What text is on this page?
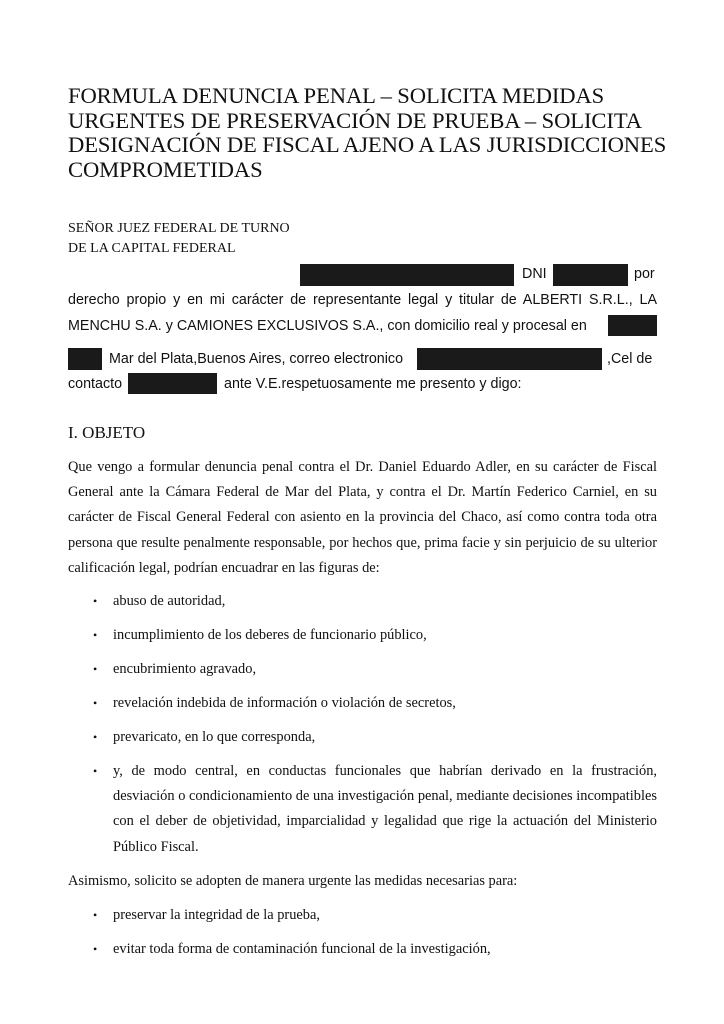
FORMULA DENUNCIA PENAL – SOLICITA MEDIDAS URGENTES DE PRESERVACIÓN DE PRUEBA – SOLICITA DESIGNACIÓN DE FISCAL AJENO A LAS JURISDICCIONES COMPROMETIDAS
SEÑOR JUEZ FEDERAL DE TURNO
DE LA CAPITAL FEDERAL
DNI	por
derecho propio y en mi carácter de representante legal y titular de ALBERTI S.R.L., LA
MENCHU S.A. y CAMIONES EXCLUSIVOS S.A., con domicilio real y procesal en
Mar del Plata,Buenos Aires, correo electronico	,Cel de
contacto	ante V.E.respetuosamente me presento y digo:
I. OBJETO
Que vengo a formular denuncia penal contra el Dr. Daniel Eduardo Adler, en su carácter de Fiscal General ante la Cámara Federal de Mar del Plata, y contra el Dr. Martín Federico Carniel, en su carácter de Fiscal General Federal con asiento en la provincia del Chaco, así como contra toda otra persona que resulte penalmente responsable, por hechos que, prima facie y sin perjuicio de su ulterior calificación legal, podrían encuadrar en las figuras de:
• abuso de autoridad,
• incumplimiento de los deberes de funcionario público,
• encubrimiento agravado,
• revelación indebida de información o violación de secretos,
• prevaricato, en lo que corresponda,
• y, de modo central, en conductas funcionales que habrían derivado en la frustración, desviación o condicionamiento de una investigación penal, mediante decisiones incompatibles con el deber de objetividad, imparcialidad y legalidad que rige la actuación del Ministerio Público Fiscal.
Asimismo, solicito se adopten de manera urgente las medidas necesarias para:
• preservar la integridad de la prueba,
• evitar toda forma de contaminación funcional de la investigación,
